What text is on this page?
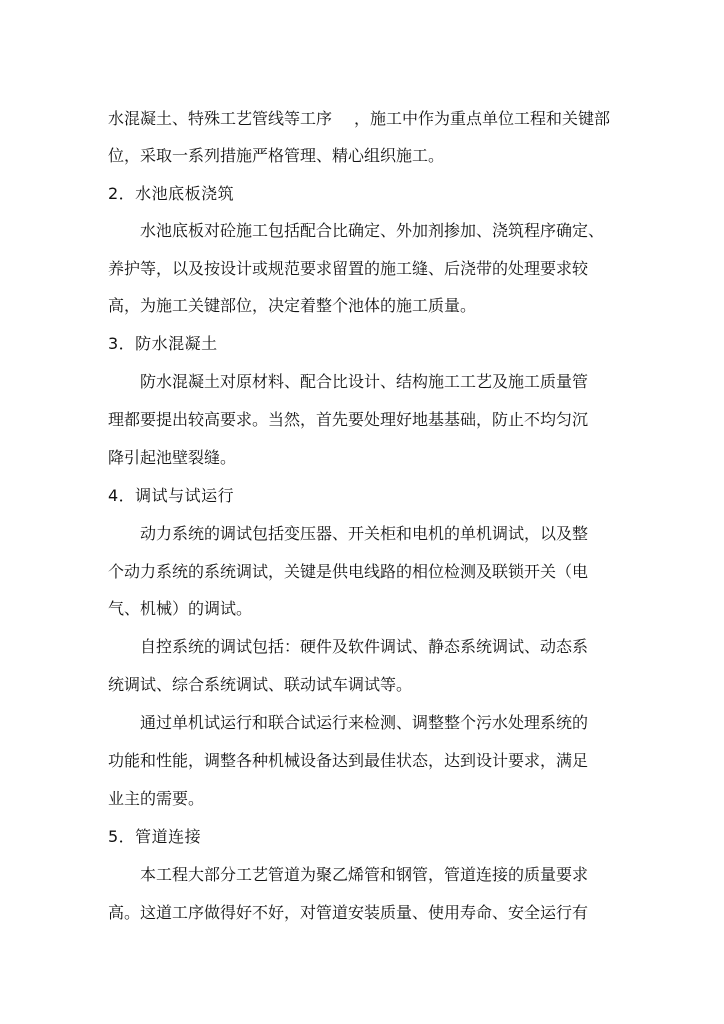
水混凝土、特殊工艺管线等工序 ，施工中作为重点单位工程和关键部

位，采取一系列措施严格管理、精心组织施工。

2．水池底板浇筑

水池底板对砼施工包括配合比确定、外加剂掺加、浇筑程序确定、

养护等，以及按设计或规范要求留置的施工缝、后浇带的处理要求较

高，为施工关键部位，决定着整个池体的施工质量。

3．防水混凝土

防水混凝土对原材料、配合比设计、结构施工工艺及施工质量管

理都要提出较高要求。当然，首先要处理好地基基础，防止不均匀沉

降引起池壁裂缝。

4．调试与试运行

动力系统的调试包括变压器、开关柜和电机的单机调试，以及整

个动力系统的系统调试，关键是供电线路的相位检测及联锁开关（电

气、机械）的调试。

自控系统的调试包括：硬件及软件调试、静态系统调试、动态系

统调试、综合系统调试、联动试车调试等。

通过单机试运行和联合试运行来检测、调整整个污水处理系统的

功能和性能，调整各种机械设备达到最佳状态，达到设计要求，满足

业主的需要。

5．管道连接

本工程大部分工艺管道为聚乙烯管和钢管，管道连接的质量要求

高。这道工序做得好不好，对管道安装质量、使用寿命、安全运行有
